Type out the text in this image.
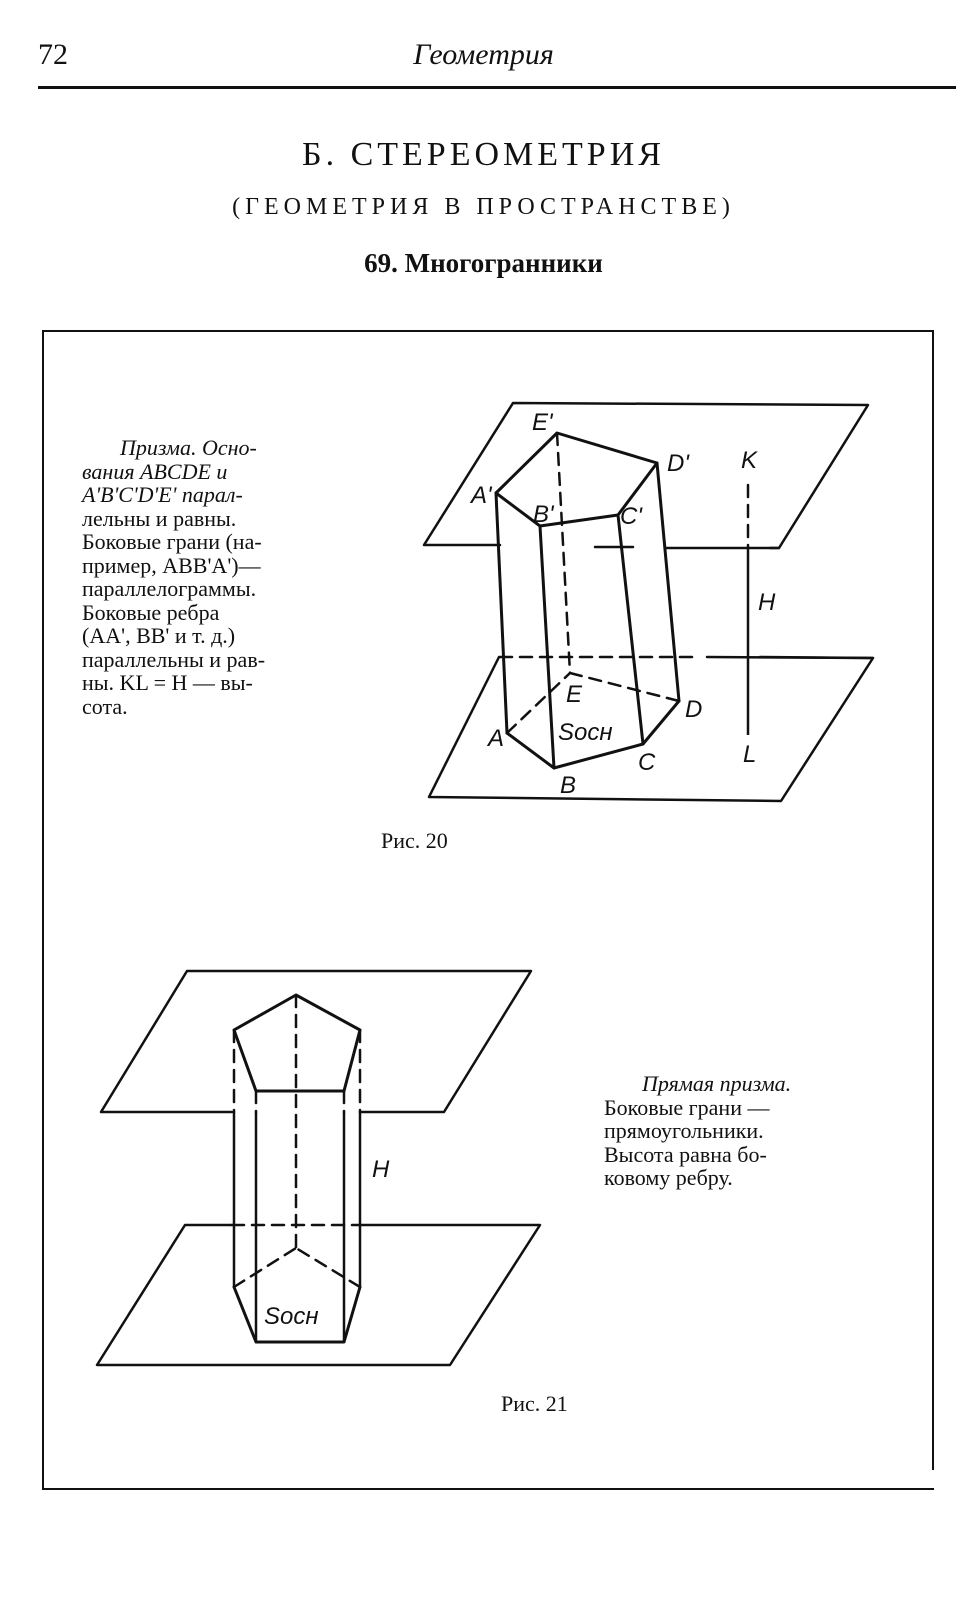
72	Геометрия
Б. СТЕРЕОМЕТРИЯ
(ГЕОМЕТРИЯ В ПРОСТРАНСТВЕ)
69. Многогранники
Призма. Осно-
вания ABCDE и
A'B'C'D'E' парал-
лельны и равны.
Боковые грани (на-
пример, ABB'A')—
параллелограммы.
Боковые ребра
(AA', BB' и т. д.)
параллельны и рав-
ны. KL = H — вы-
сота.
E'
A'
B'	C'
D' K
H
E
D
A Sосн
C	L
B
Рис. 20
H
Sосн
Прямая призма.
Боковые грани —
прямоугольники.
Высота равна бо-
ковому ребру.
Рис. 21
